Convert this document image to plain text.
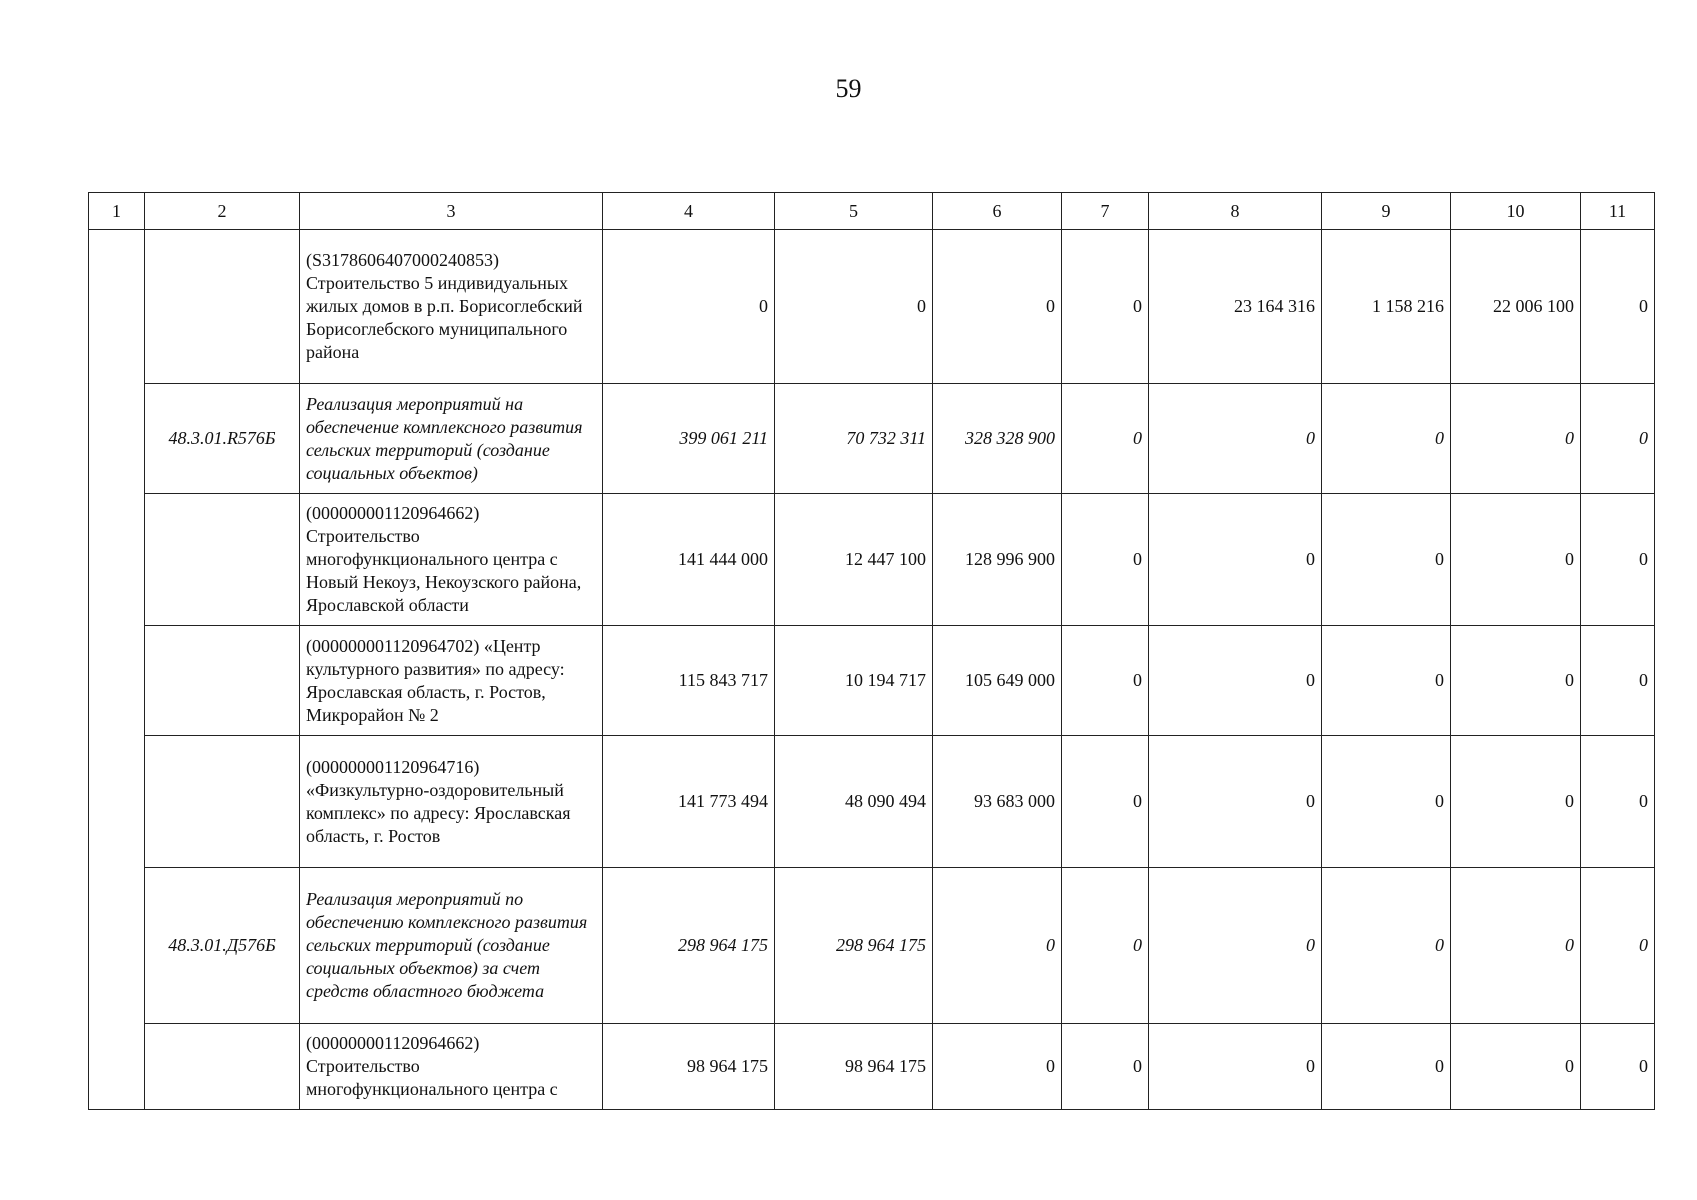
59
1	2	3	4	5	6	7	8	9	10	11
		(S3178606407000240853) Строительство 5 индивидуальных жилых домов в р.п. Борисоглебский Борисоглебского муниципального района	0	0	0	0	23 164 316	1 158 216	22 006 100	0
	48.3.01.R576Б	Реализация мероприятий на обеспечение комплексного развития сельских территорий (создание социальных объектов)	399 061 211	70 732 311	328 328 900	0	0	0	0	0
		(000000001120964662) Строительство многофункционального центра с Новый Некоуз, Некоузского района, Ярославской области	141 444 000	12 447 100	128 996 900	0	0	0	0	0
		(000000001120964702) «Центр культурного развития» по адресу: Ярославская область, г. Ростов, Микрорайон № 2	115 843 717	10 194 717	105 649 000	0	0	0	0	0
		(000000001120964716) «Физкультурно-оздоровительный комплекс» по адресу: Ярославская область, г. Ростов	141 773 494	48 090 494	93 683 000	0	0	0	0	0
	48.3.01.Д576Б	Реализация мероприятий по обеспечению комплексного развития сельских территорий (создание социальных объектов) за счет средств областного бюджета	298 964 175	298 964 175	0	0	0	0	0	0
		(000000001120964662) Строительство многофункционального центра с	98 964 175	98 964 175	0	0	0	0	0	0
